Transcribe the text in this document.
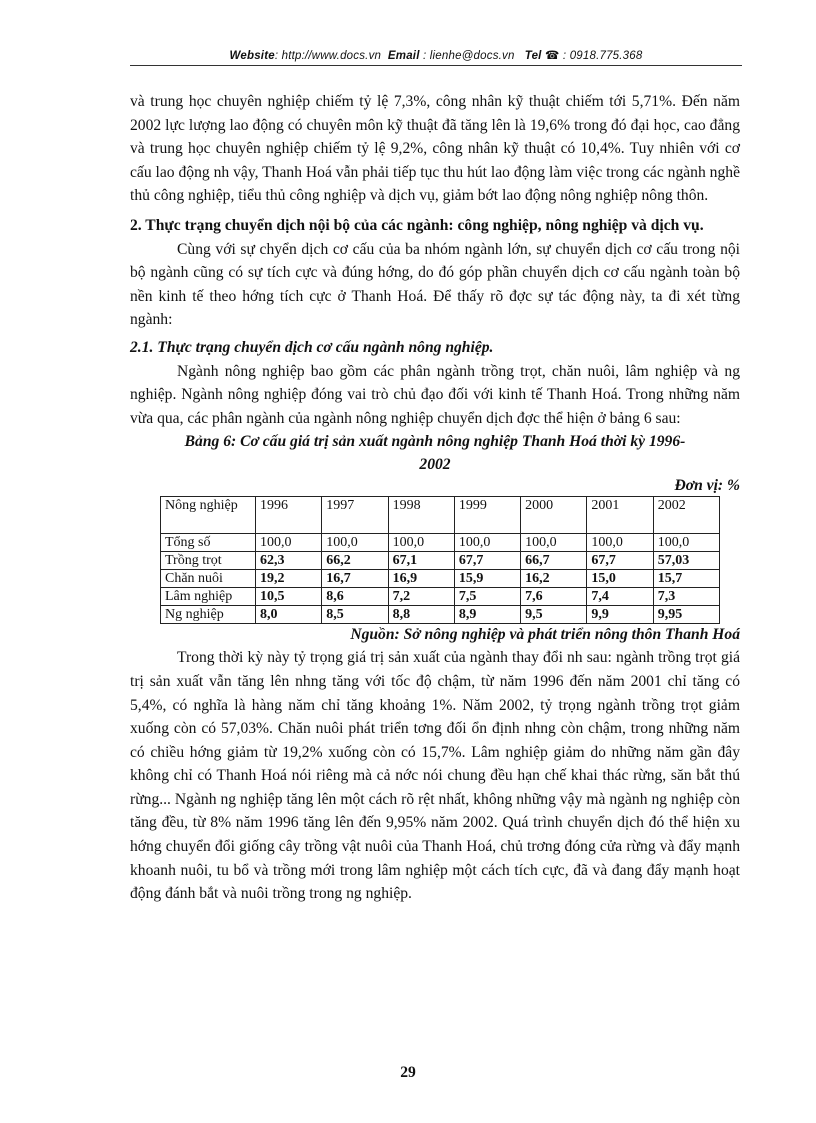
Website: http://www.docs.vn Email : lienhe@docs.vn Tel ☎ : 0918.775.368

và trung học chuyên nghiệp chiếm tỷ lệ 7,3%, công nhân kỹ thuật chiếm tới 5,71%. Đến năm 2002 lực lượng lao động có chuyên môn kỹ thuật đã tăng lên là 19,6% trong đó đại học, cao đẳng và trung học chuyên nghiệp chiếm tỷ lệ 9,2%, công nhân kỹ thuật có 10,4%. Tuy nhiên với cơ cấu lao động nh vậy, Thanh Hoá vẫn phải tiếp tục thu hút lao động làm việc trong các ngành nghề thủ công nghiệp, tiểu thủ công nghiệp và dịch vụ, giảm bớt lao động nông nghiệp nông thôn.

2. Thực trạng chuyển dịch nội bộ của các ngành: công nghiệp, nông nghiệp và dịch vụ.

Cùng với sự chyển dịch cơ cấu của ba nhóm ngành lớn, sự chuyển dịch cơ cấu trong nội bộ ngành cũng có sự tích cực và đúng hớng, do đó góp phần chuyển dịch cơ cấu ngành toàn bộ nền kinh tế theo hớng tích cực ở Thanh Hoá. Để thấy rõ đợc sự tác động này, ta đi xét từng ngành:

2.1. Thực trạng chuyển dịch cơ cấu ngành nông nghiệp.

Ngành nông nghiệp bao gồm các phân ngành trồng trọt, chăn nuôi, lâm nghiệp và ng nghiệp. Ngành nông nghiệp đóng vai trò chủ đạo đối với kinh tế Thanh Hoá. Trong những năm vừa qua, các phân ngành của ngành nông nghiệp chuyển dịch đợc thể hiện ở bảng 6 sau:

Bảng 6: Cơ cấu giá trị sản xuất ngành nông nghiệp Thanh Hoá thời kỳ 1996-2002
Đơn vị: %
Nông nghiệp	1996	1997	1998	1999	2000	2001	2002
Tổng số	100,0	100,0	100,0	100,0	100,0	100,0	100,0
Trồng trọt	62,3	66,2	67,1	67,7	66,7	67,7	57,03
Chăn nuôi	19,2	16,7	16,9	15,9	16,2	15,0	15,7
Lâm nghiệp	10,5	8,6	7,2	7,5	7,6	7,4	7,3
Ng nghiệp	8,0	8,5	8,8	8,9	9,5	9,9	9,95
Nguồn: Sở nông nghiệp và phát triển nông thôn Thanh Hoá

Trong thời kỳ này tỷ trọng giá trị sản xuất của ngành thay đổi nh sau: ngành trồng trọt giá trị sản xuất vẫn tăng lên nhng tăng với tốc độ chậm, từ năm 1996 đến năm 2001 chỉ tăng có 5,4%, có nghĩa là hàng năm chỉ tăng khoảng 1%. Năm 2002, tỷ trọng ngành trồng trọt giảm xuống còn có 57,03%. Chăn nuôi phát triển tơng đối ổn định nhng còn chậm, trong những năm có chiều hớng giảm từ 19,2% xuống còn có 15,7%. Lâm nghiệp giảm do những năm gần đây không chỉ có Thanh Hoá nói riêng mà cả nớc nói chung đều hạn chế khai thác rừng, săn bắt thú rừng... Ngành ng nghiệp tăng lên một cách rõ rệt nhất, không những vậy mà ngành ng nghiệp còn tăng đều, từ 8% năm 1996 tăng lên đến 9,95% năm 2002. Quá trình chuyển dịch đó thể hiện xu hớng chuyển đổi giống cây trồng vật nuôi của Thanh Hoá, chủ trơng đóng cửa rừng và đẩy mạnh khoanh nuôi, tu bổ và trồng mới trong lâm nghiệp một cách tích cực, đã và đang đẩy mạnh hoạt động đánh bắt và nuôi trồng trong ng nghiệp.

29
